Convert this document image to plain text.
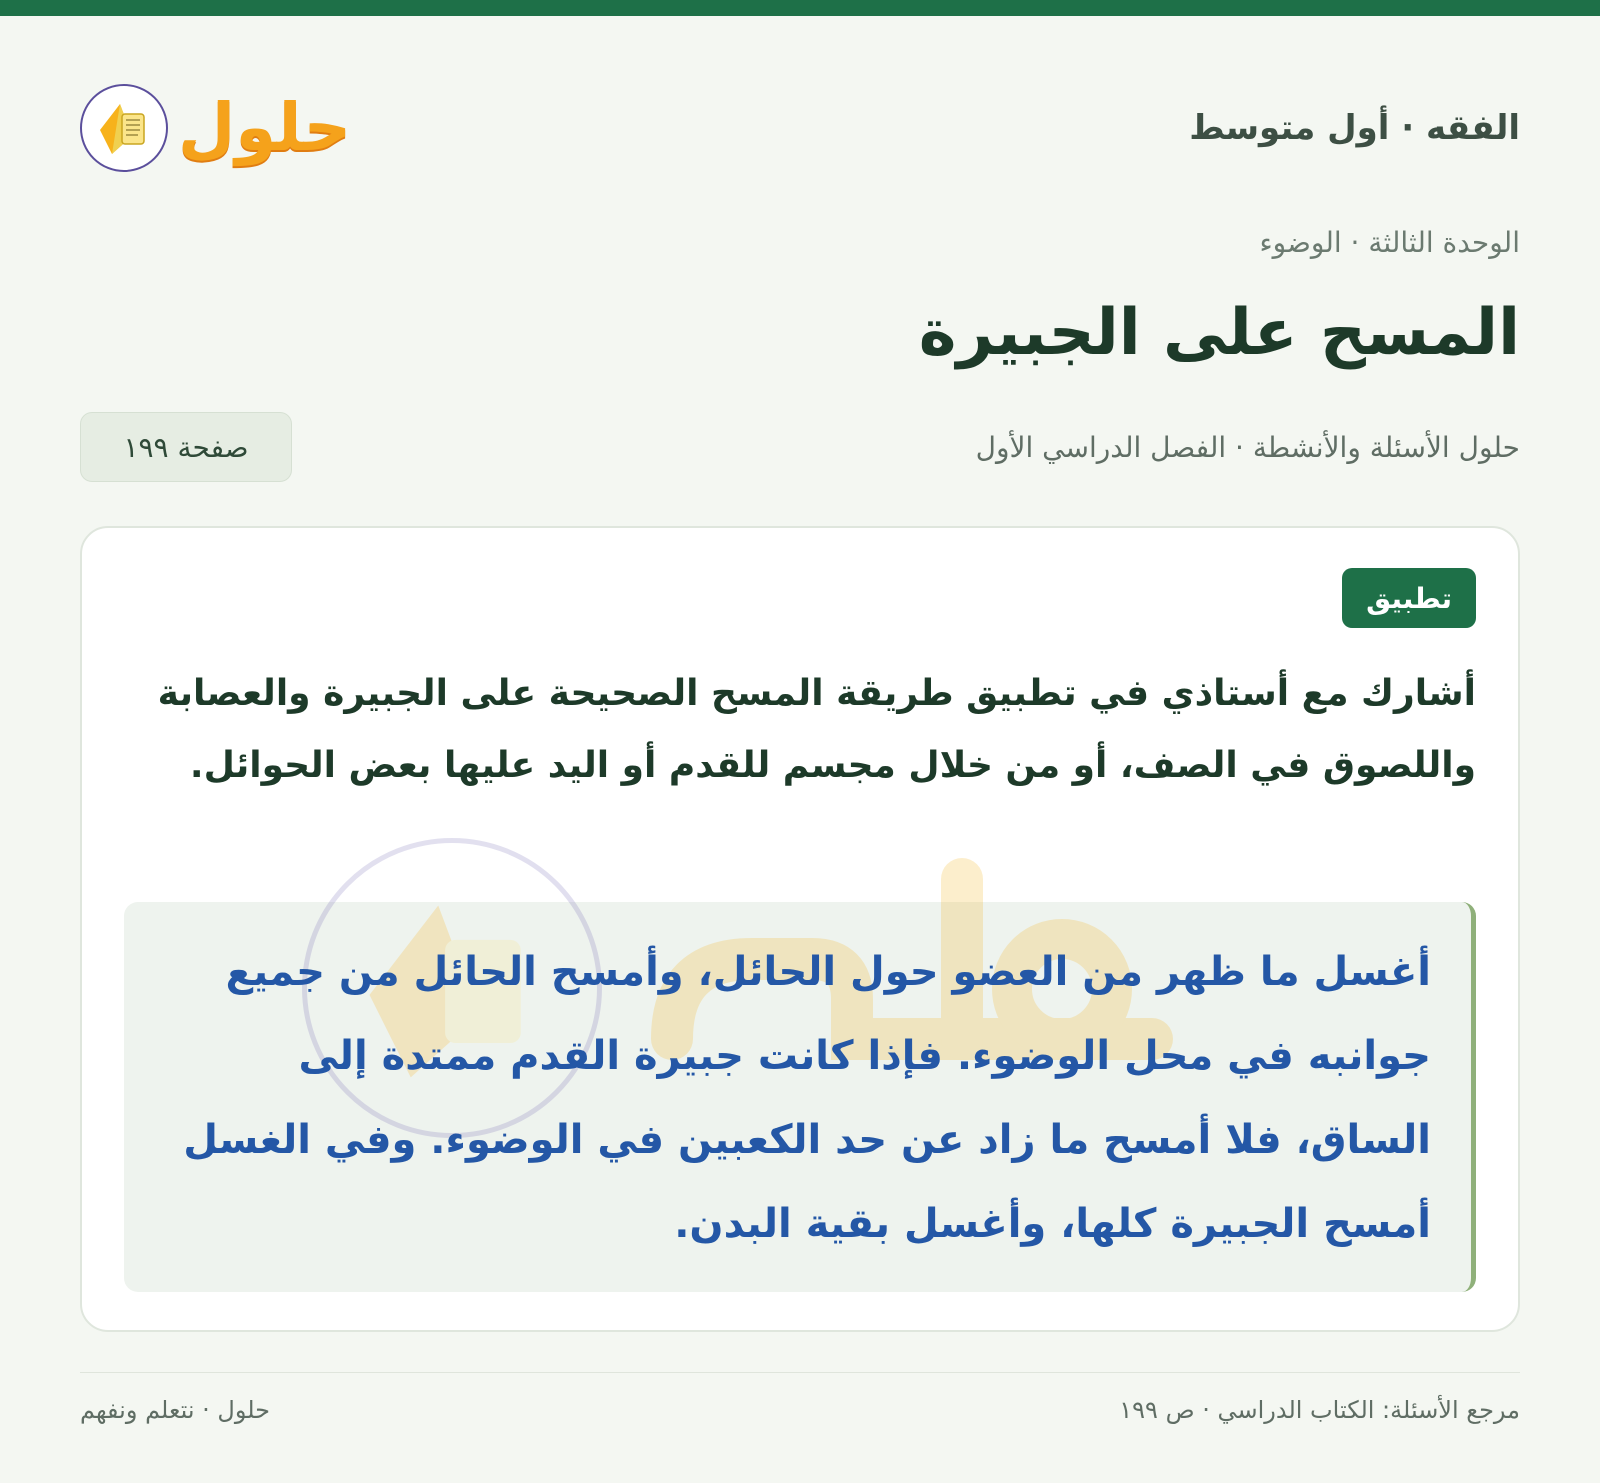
الفقه · أول متوسط
حلول
الوحدة الثالثة · الوضوء
المسح على الجبيرة
حلول الأسئلة والأنشطة · الفصل الدراسي الأول
صفحة ١٩٩
تطبيق
أشارك مع أستاذي في تطبيق طريقة المسح الصحيحة على الجبيرة والعصابة واللصوق في الصف، أو من خلال مجسم للقدم أو اليد عليها بعض الحوائل.
أغسل ما ظهر من العضو حول الحائل، وأمسح الحائل من جميع جوانبه في محل الوضوء. فإذا كانت جبيرة القدم ممتدة إلى الساق، فلا أمسح ما زاد عن حد الكعبين في الوضوء. وفي الغسل أمسح الجبيرة كلها، وأغسل بقية البدن.
مرجع الأسئلة: الكتاب الدراسي · ص ١٩٩
حلول · نتعلم ونفهم
